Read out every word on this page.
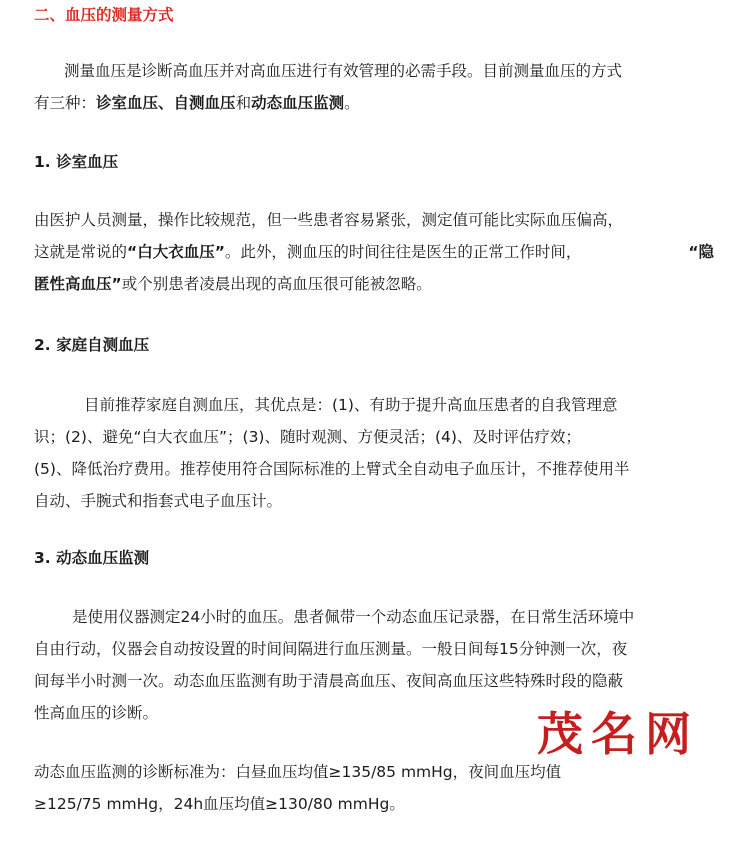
二、血压的测量方式

测量血压是诊断高血压并对高血压进行有效管理的必需手段。目前测量血压的方式
有三种：诊室血压、自测血压和动态血压监测。

1. 诊室血压

由医护人员测量，操作比较规范，但一些患者容易紧张，测定值可能比实际血压偏高，
这就是常说的“白大衣血压”。此外，测血压的时间往往是医生的正常工作时间，	“隐

匿性高血压”或个别患者凌晨出现的高血压很可能被忽略。

2. 家庭自测血压

目前推荐家庭自测血压，其优点是：(1)、有助于提升高血压患者的自我管理意
识；(2)、避免“白大衣血压”；(3)、随时观测、方便灵活；(4)、及时评估疗效；
(5)、降低治疗费用。推荐使用符合国际标准的上臂式全自动电子血压计，不推荐使用半
自动、手腕式和指套式电子血压计。

3. 动态血压监测

是使用仪器测定24小时的血压。患者佩带一个动态血压记录器，在日常生活环境中
自由行动，仪器会自动按设置的时间间隔进行血压测量。一般日间每15分钟测一次，夜
间每半小时测一次。动态血压监测有助于清晨高血压、夜间高血压这些特殊时段的隐蔽
性高血压的诊断。

动态血压监测的诊断标准为：白昼血压均值≥135/85 mmHg，夜间血压均值
≥125/75 mmHg，24h血压均值≥130/80 mmHg。

茂名网
